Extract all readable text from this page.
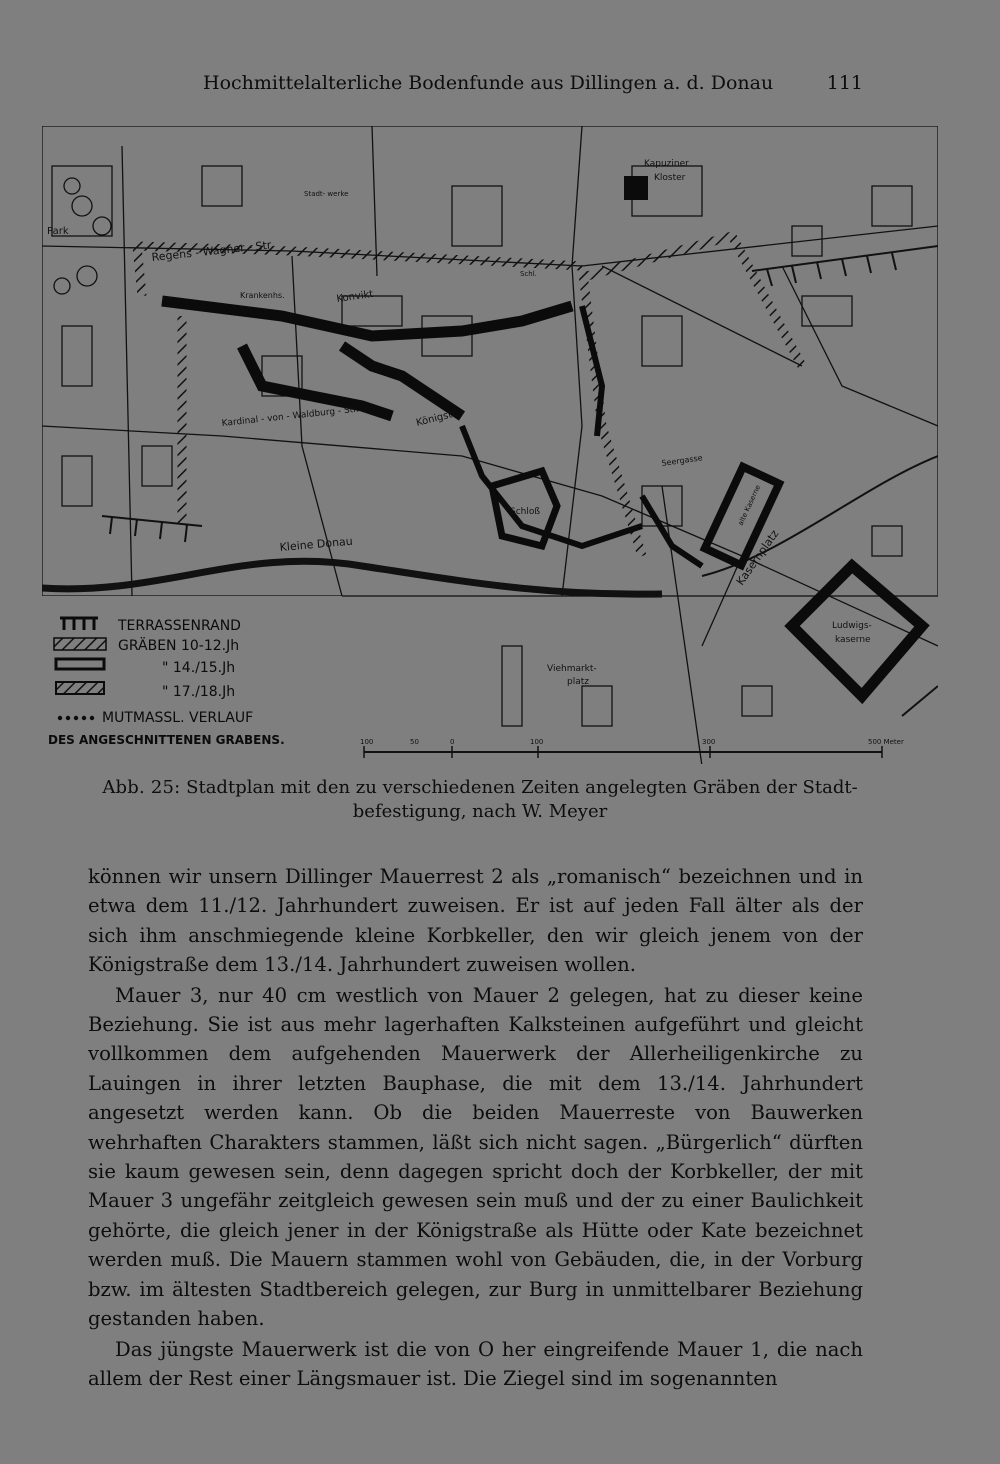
Hochmittelalterliche Bodenfunde aus Dillingen a. d. Donau	111
Schloß
Ludwigs-
kaserne
Regens - Wagner - Str.
Konvikt
Königstr.
Kardinal - von - Waldburg - Str.
Kleine Donau	Kasernplatz
Viehmarkt-
platz
Kapuziner
Kloster
Park
Krankenhs.
Seergasse
Stadt- werke
Schl.
alte Kaserne
TERRASSENRAND
GRÄBEN 10-12.Jh
" 14./15.Jh
" 17./18.Jh
MUTMASSL. VERLAUF
DES ANGESCHNITTENEN GRABENS.	100	50	0	100	300	500 Meter
Abb. 25: Stadtplan mit den zu verschiedenen Zeiten angelegten Gräben der Stadt-befestigung, nach W. Meyer

können wir unsern Dillinger Mauerrest 2 als „romanisch“ bezeichnen und in etwa dem 11./12. Jahrhundert zuweisen. Er ist auf jeden Fall älter als der sich ihm anschmiegende kleine Korbkeller, den wir gleich jenem von der Königstraße dem 13./14. Jahrhundert zuweisen wollen.

Mauer 3, nur 40 cm westlich von Mauer 2 gelegen, hat zu dieser keine Beziehung. Sie ist aus mehr lagerhaften Kalksteinen aufgeführt und gleicht vollkommen dem aufgehenden Mauerwerk der Allerheiligenkirche zu Lauingen in ihrer letzten Bauphase, die mit dem 13./14. Jahrhundert angesetzt werden kann. Ob die beiden Mauerreste von Bauwerken wehrhaften Charakters stammen, läßt sich nicht sagen. „Bürgerlich“ dürften sie kaum gewesen sein, denn dagegen spricht doch der Korbkeller, der mit Mauer 3 ungefähr zeitgleich gewesen sein muß und der zu einer Baulichkeit gehörte, die gleich jener in der Königstraße als Hütte oder Kate bezeichnet werden muß. Die Mauern stammen wohl von Gebäuden, die, in der Vorburg bzw. im ältesten Stadtbereich gelegen, zur Burg in unmittelbarer Beziehung gestanden haben.

Das jüngste Mauerwerk ist die von O her eingreifende Mauer 1, die nach allem der Rest einer Längsmauer ist. Die Ziegel sind im sogenannten
